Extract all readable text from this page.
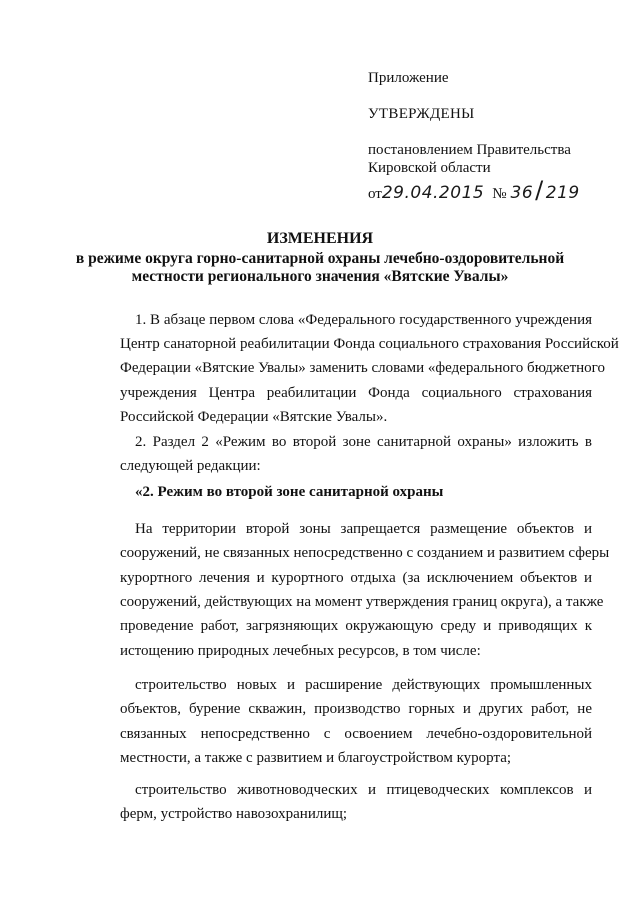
Приложение
УТВЕРЖДЕНЫ
постановлением Правительства
Кировской области
от29.04.2015 № 36/ 219
ИЗМЕНЕНИЯ
в режиме округа горно-санитарной охраны лечебно-оздоровительной
местности регионального значения «Вятские Увалы»
1. В абзаце первом слова «Федерального государственного учреждения
Центр санаторной реабилитации Фонда социального страхования Российской
Федерации «Вятские Увалы» заменить словами «федерального бюджетного
учреждения Центра реабилитации Фонда социального страхования
Российской Федерации «Вятские Увалы».
2. Раздел 2 «Режим во второй зоне санитарной охраны» изложить в
следующей редакции:
«2. Режим во второй зоне санитарной охраны
На территории второй зоны запрещается размещение объектов и
сооружений, не связанных непосредственно с созданием и развитием сферы
курортного лечения и курортного отдыха (за исключением объектов и
сооружений, действующих на момент утверждения границ округа), а также
проведение работ, загрязняющих окружающую среду и приводящих к
истощению природных лечебных ресурсов, в том числе:
строительство новых и расширение действующих промышленных
объектов, бурение скважин, производство горных и других работ, не
связанных непосредственно с освоением лечебно-оздоровительной
местности, а также с развитием и благоустройством курорта;
строительство животноводческих и птицеводческих комплексов и
ферм, устройство навозохранилищ;
